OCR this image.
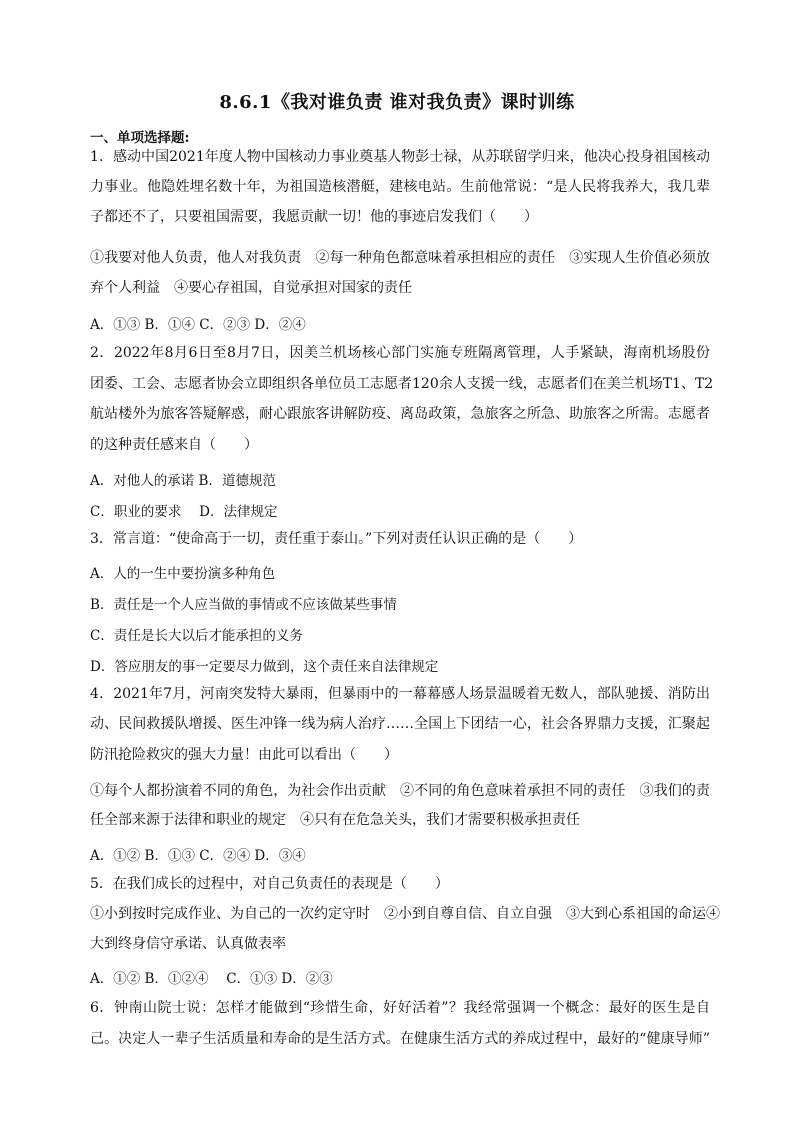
8.6.1《我对谁负责 谁对我负责》课时训练
一、单项选择题:
1．感动中国2021年度人物中国核动力事业奠基人物彭士禄，从苏联留学归来，他决心投身祖国核动
力事业。他隐姓埋名数十年，为祖国造核潜艇，建核电站。生前他常说：“是人民将我养大，我几辈
子都还不了，只要祖国需要，我愿贡献一切！他的事迹启发我们（　　）
①我要对他人负责，他人对我负责　②每一种角色都意味着承担相应的责任　③实现人生价值必须放
弃个人利益　④要心存祖国，自觉承担对国家的责任
A．①③ B．①④ C．②③ D．②④
2．2022年8月6日至8月7日，因美兰机场核心部门实施专班隔离管理，人手紧缺，海南机场股份
团委、工会、志愿者协会立即组织各单位员工志愿者120余人支援一线，志愿者们在美兰机场T1、T2
航站楼外为旅客答疑解惑，耐心跟旅客讲解防疫、离岛政策，急旅客之所急、助旅客之所需。志愿者
的这种责任感来自（　　）
A．对他人的承诺 B．道德规范
C．职业的要求　 D．法律规定
3．常言道：“使命高于一切，责任重于泰山。”下列对责任认识正确的是（　　）
A．人的一生中要扮演多种角色
B．责任是一个人应当做的事情或不应该做某些事情
C．责任是长大以后才能承担的义务
D．答应朋友的事一定要尽力做到，这个责任来自法律规定
4．2021年7月，河南突发特大暴雨，但暴雨中的一幕幕感人场景温暖着无数人，部队驰援、消防出
动、民间救援队增援、医生冲锋一线为病人治疗……全国上下团结一心，社会各界鼎力支援，汇聚起
防汛抢险救灾的强大力量！由此可以看出（　　）
①每个人都扮演着不同的角色，为社会作出贡献　②不同的角色意味着承担不同的责任　③我们的责
任全部来源于法律和职业的规定　④只有在危急关头，我们才需要积极承担责任
A．①② B．①③ C．②④ D．③④
5．在我们成长的过程中，对自己负责任的表现是（　　）
①小到按时完成作业、为自己的一次约定守时　②小到自尊自信、自立自强　③大到心系祖国的命运④
大到终身信守承诺、认真做表率
A．①② B．①②④　 C．①③ D．②③
6．钟南山院士说：怎样才能做到“珍惜生命，好好活着”？我经常强调一个概念：最好的医生是自
己。决定人一辈子生活质量和寿命的是生活方式。在健康生活方式的养成过程中，最好的“健康导师”
